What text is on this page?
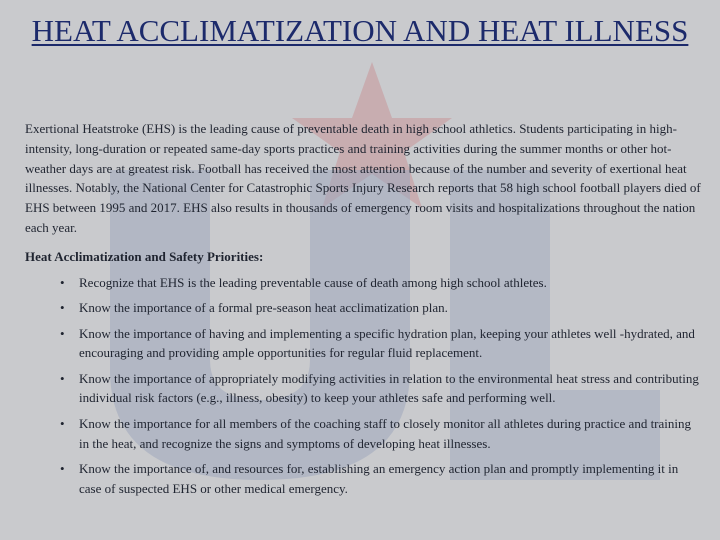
HEAT ACCLIMATIZATION AND HEAT ILLNESS

Exertional Heatstroke (EHS) is the leading cause of preventable death in high school athletics. Students participating in high-intensity, long-duration or repeated same-day sports practices and training activities during the summer months or other hot-weather days are at greatest risk. Football has received the most attention because of the number and severity of exertional heat illnesses. Notably, the National Center for Catastrophic Sports Injury Research reports that 58 high school football players died of EHS between 1995 and 2017. EHS also results in thousands of emergency room visits and hospitalizations throughout the nation each year.

Heat Acclimatization and Safety Priorities:

• Recognize that EHS is the leading preventable cause of death among high school athletes.
• Know the importance of a formal pre-season heat acclimatization plan.
• Know the importance of having and implementing a specific hydration plan, keeping your athletes well -hydrated, and encouraging and providing ample opportunities for regular fluid replacement.
• Know the importance of appropriately modifying activities in relation to the environmental heat stress and contributing individual risk factors (e.g., illness, obesity) to keep your athletes safe and performing well.
• Know the importance for all members of the coaching staff to closely monitor all athletes during practice and training in the heat, and recognize the signs and symptoms of developing heat illnesses.
• Know the importance of, and resources for, establishing an emergency action plan and promptly implementing it in case of suspected EHS or other medical emergency.
